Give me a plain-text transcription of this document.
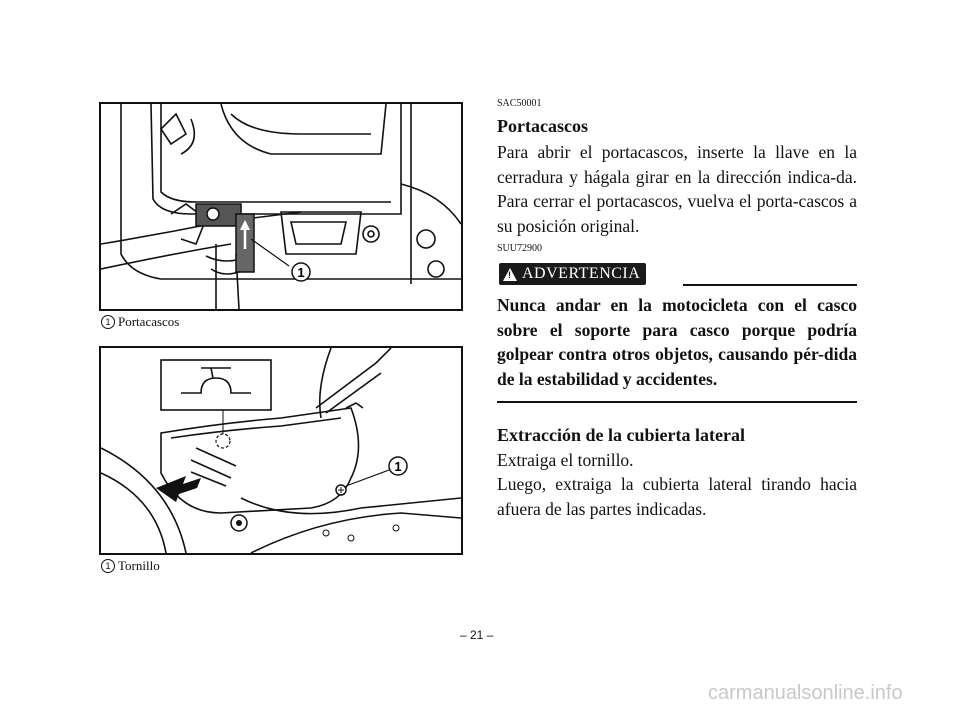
1
1 Portacascos
1
1 Tornillo
SAC50001
Portacascos
Para abrir el portacascos, inserte la llave en la cerradura y hágala girar en la dirección indica-da. Para cerrar el portacascos, vuelva el porta-cascos a su posición original.
SUU72900
! ADVERTENCIA
Nunca andar en la motocicleta con el casco sobre el soporte para casco porque podría golpear contra otros objetos, causando pér-dida de la estabilidad y accidentes.
Extracción de la cubierta lateral
Extraiga el tornillo.
Luego, extraiga la cubierta lateral tirando hacia afuera de las partes indicadas.
– 21 –
carmanualsonline.info
